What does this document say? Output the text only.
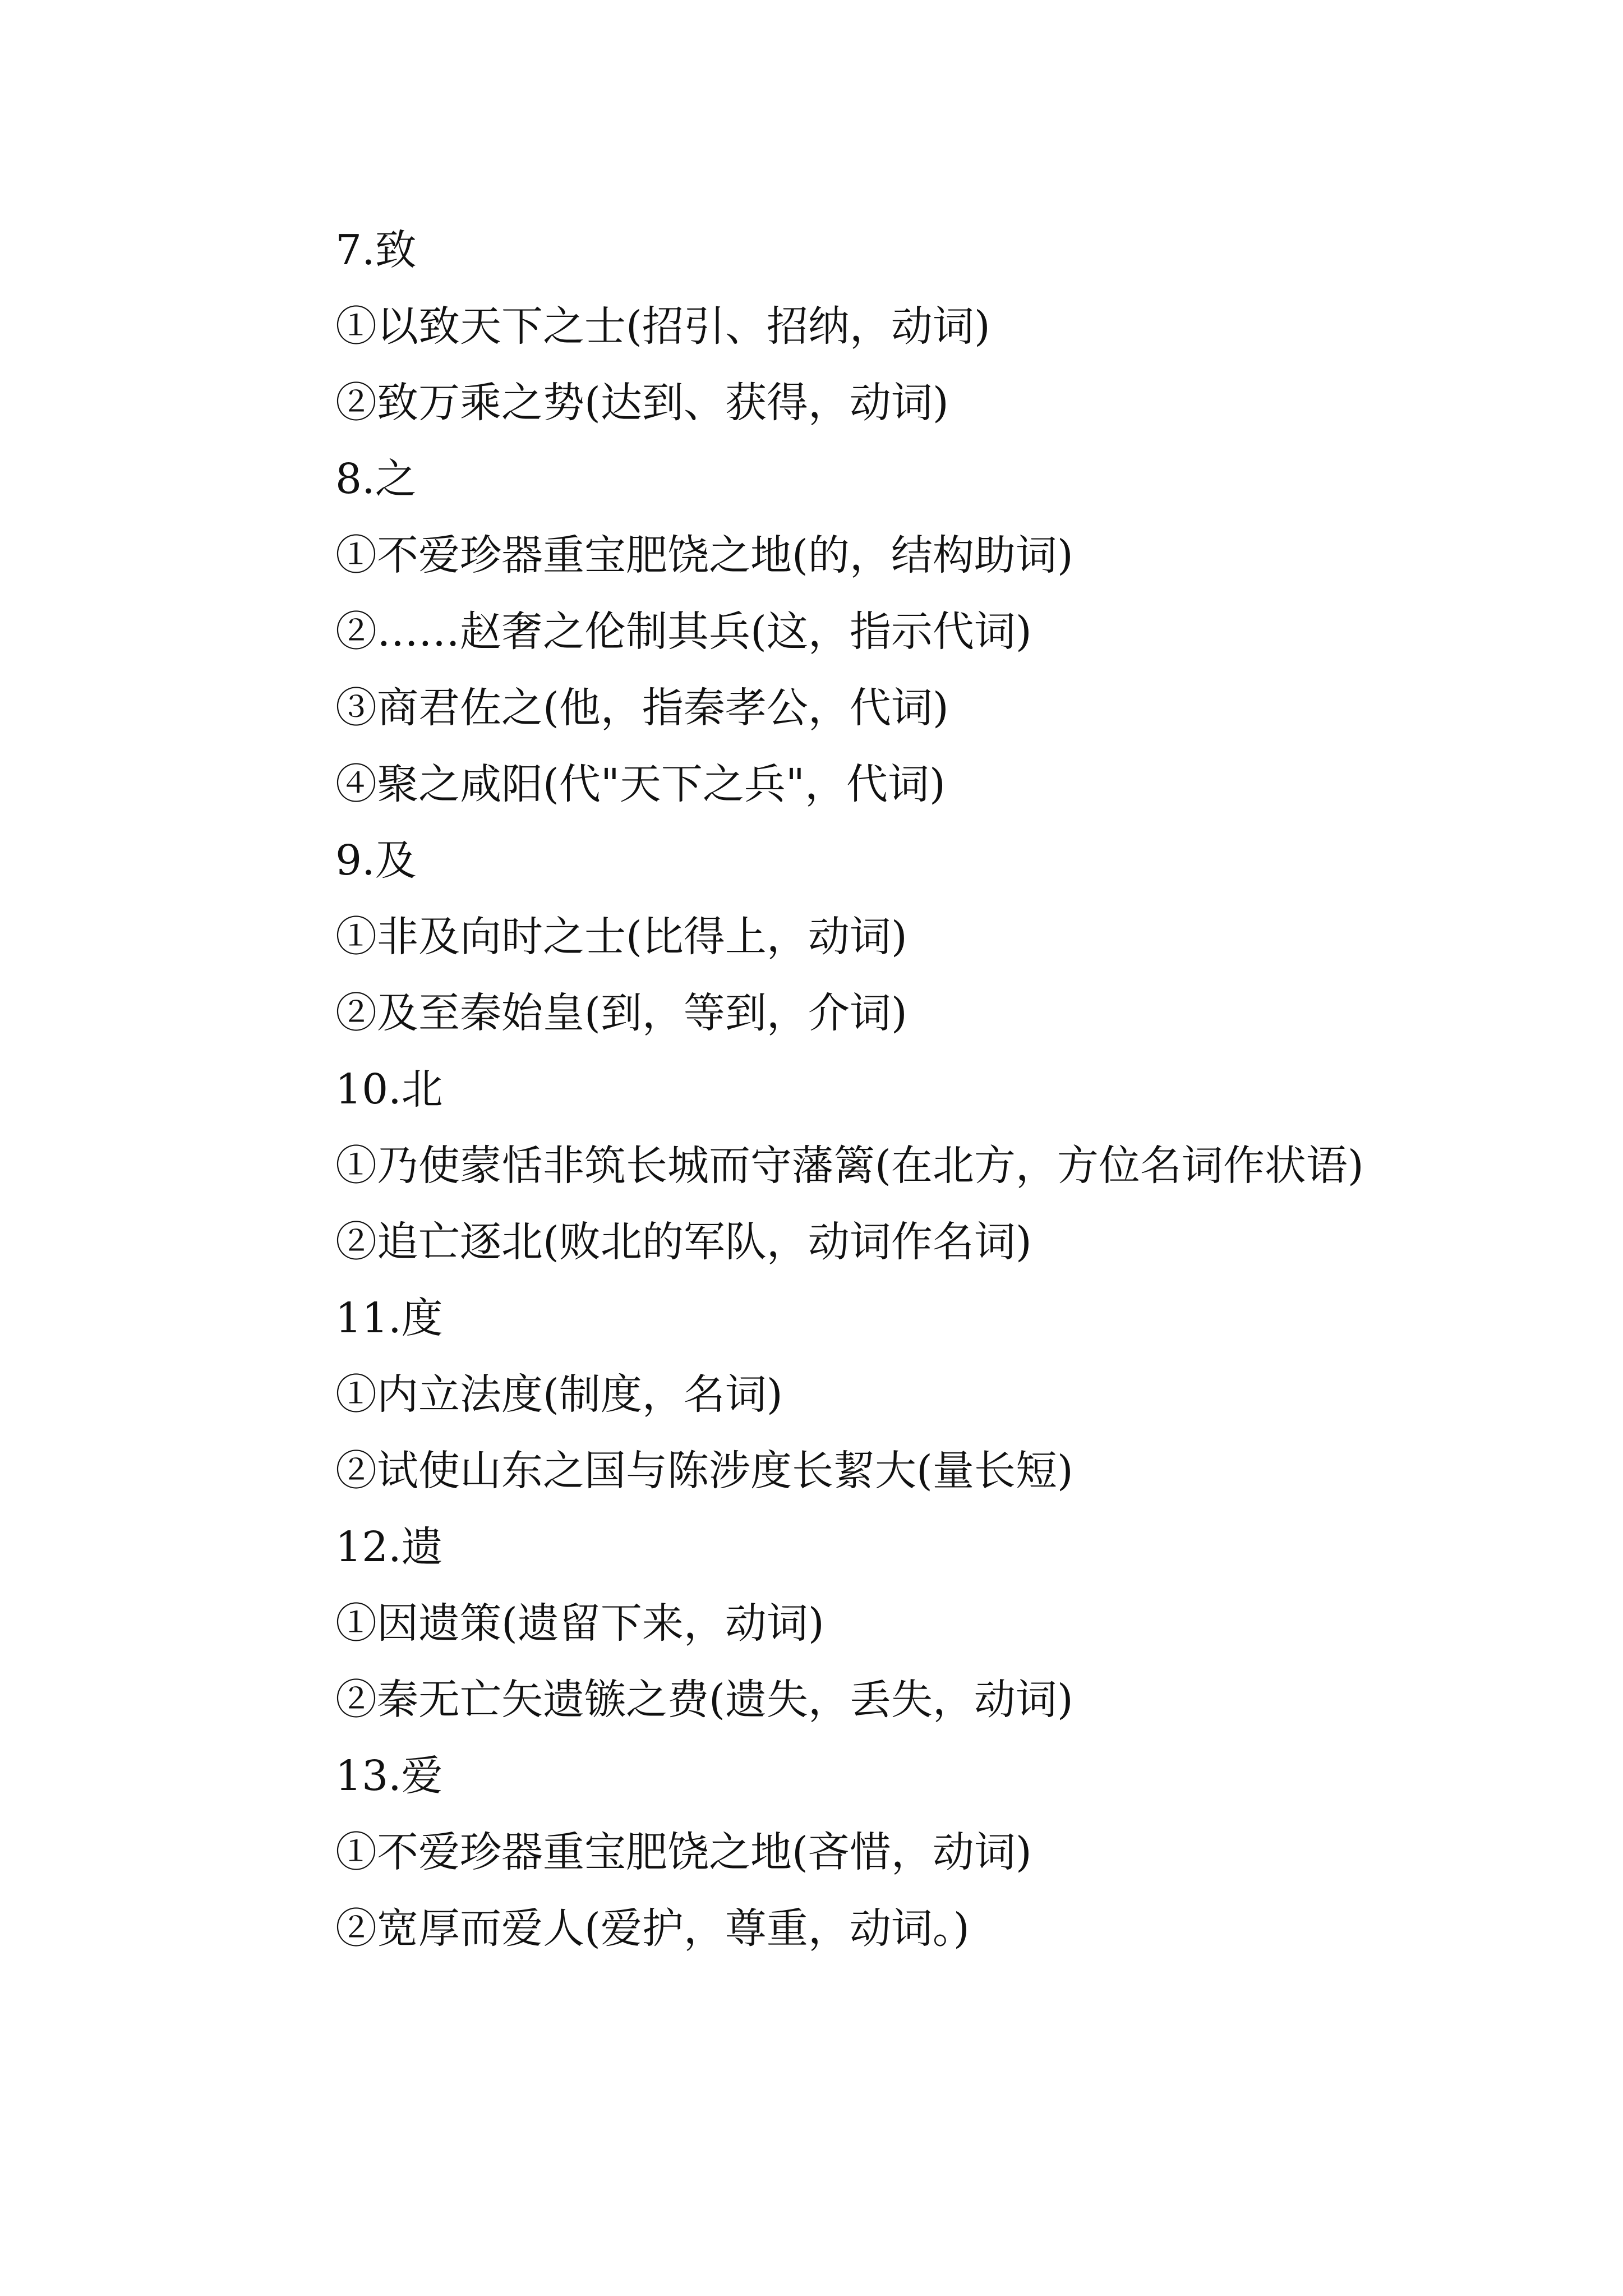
7.致
①以致天下之士(招引、招纳，动词)
②致万乘之势(达到、获得，动词)
8.之
①不爱珍器重宝肥饶之地(的，结构助词)
②……赵奢之伦制其兵(这，指示代词)
③商君佐之(他，指秦孝公，代词)
④聚之咸阳(代"天下之兵"，代词)
9.及
①非及向时之士(比得上，动词)
②及至秦始皇(到，等到，介词)
10.北
①乃使蒙恬非筑长城而守藩篱(在北方，方位名词作状语)
②追亡逐北(败北的军队，动词作名词)
11.度
①内立法度(制度，名词)
②试使山东之国与陈涉度长絜大(量长短)
12.遗
①因遗策(遗留下来，动词)
②秦无亡矢遗镞之费(遗失，丢失，动词)
13.爱
①不爱珍器重宝肥饶之地(吝惜，动词)
②宽厚而爱人(爱护，尊重，动词。)
